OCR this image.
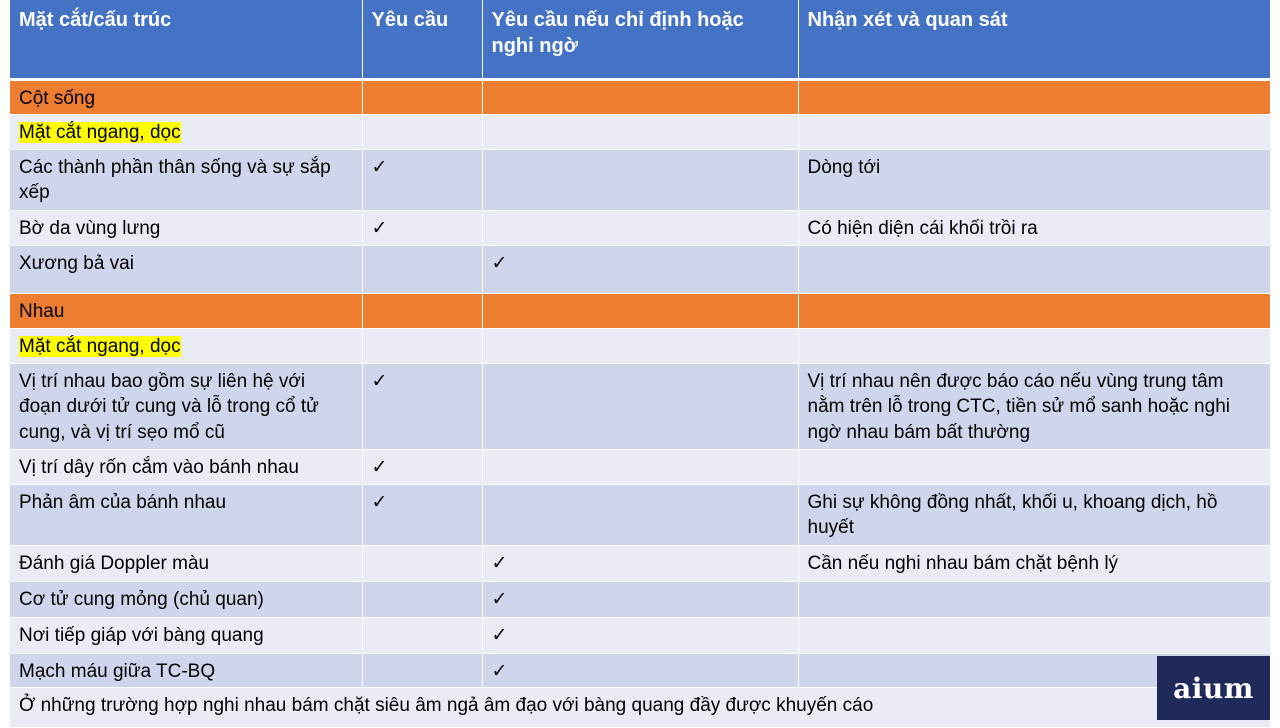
Mặt cắt/cấu trúc	Yêu cầu	Yêu cầu nếu chỉ định hoặc nghi ngờ	Nhận xét và quan sát
Cột sống			
Mặt cắt ngang, dọc			
Các thành phần thân sống và sự sắp xếp	✓		Dòng tới
Bờ da vùng lưng	✓		Có hiện diện cái khối trồi ra
Xương bả vai		✓	
Nhau			
Mặt cắt ngang, dọc			
Vị trí nhau bao gồm sự liên hệ với đoạn dưới tử cung và lỗ trong cổ tử cung, và vị trí sẹo mổ cũ	✓		Vị trí nhau nên được báo cáo nếu vùng trung tâm nằm trên lỗ trong CTC, tiền sử mổ sanh hoặc nghi ngờ nhau bám bất thường
Vị trí dây rốn cắm vào bánh nhau	✓		
Phản âm của bánh nhau	✓		Ghi sự không đồng nhất, khối u, khoang dịch, hồ huyết
Đánh giá Doppler màu		✓	Cần nếu nghi nhau bám chặt bệnh lý
Cơ tử cung mỏng (chủ quan)		✓	
Nơi tiếp giáp với bàng quang		✓	
Mạch máu giữa TC-BQ		✓	
Ở những trường hợp nghi nhau bám chặt siêu âm ngả âm đạo với bàng quang đầy được khuyến cáo			
aium
